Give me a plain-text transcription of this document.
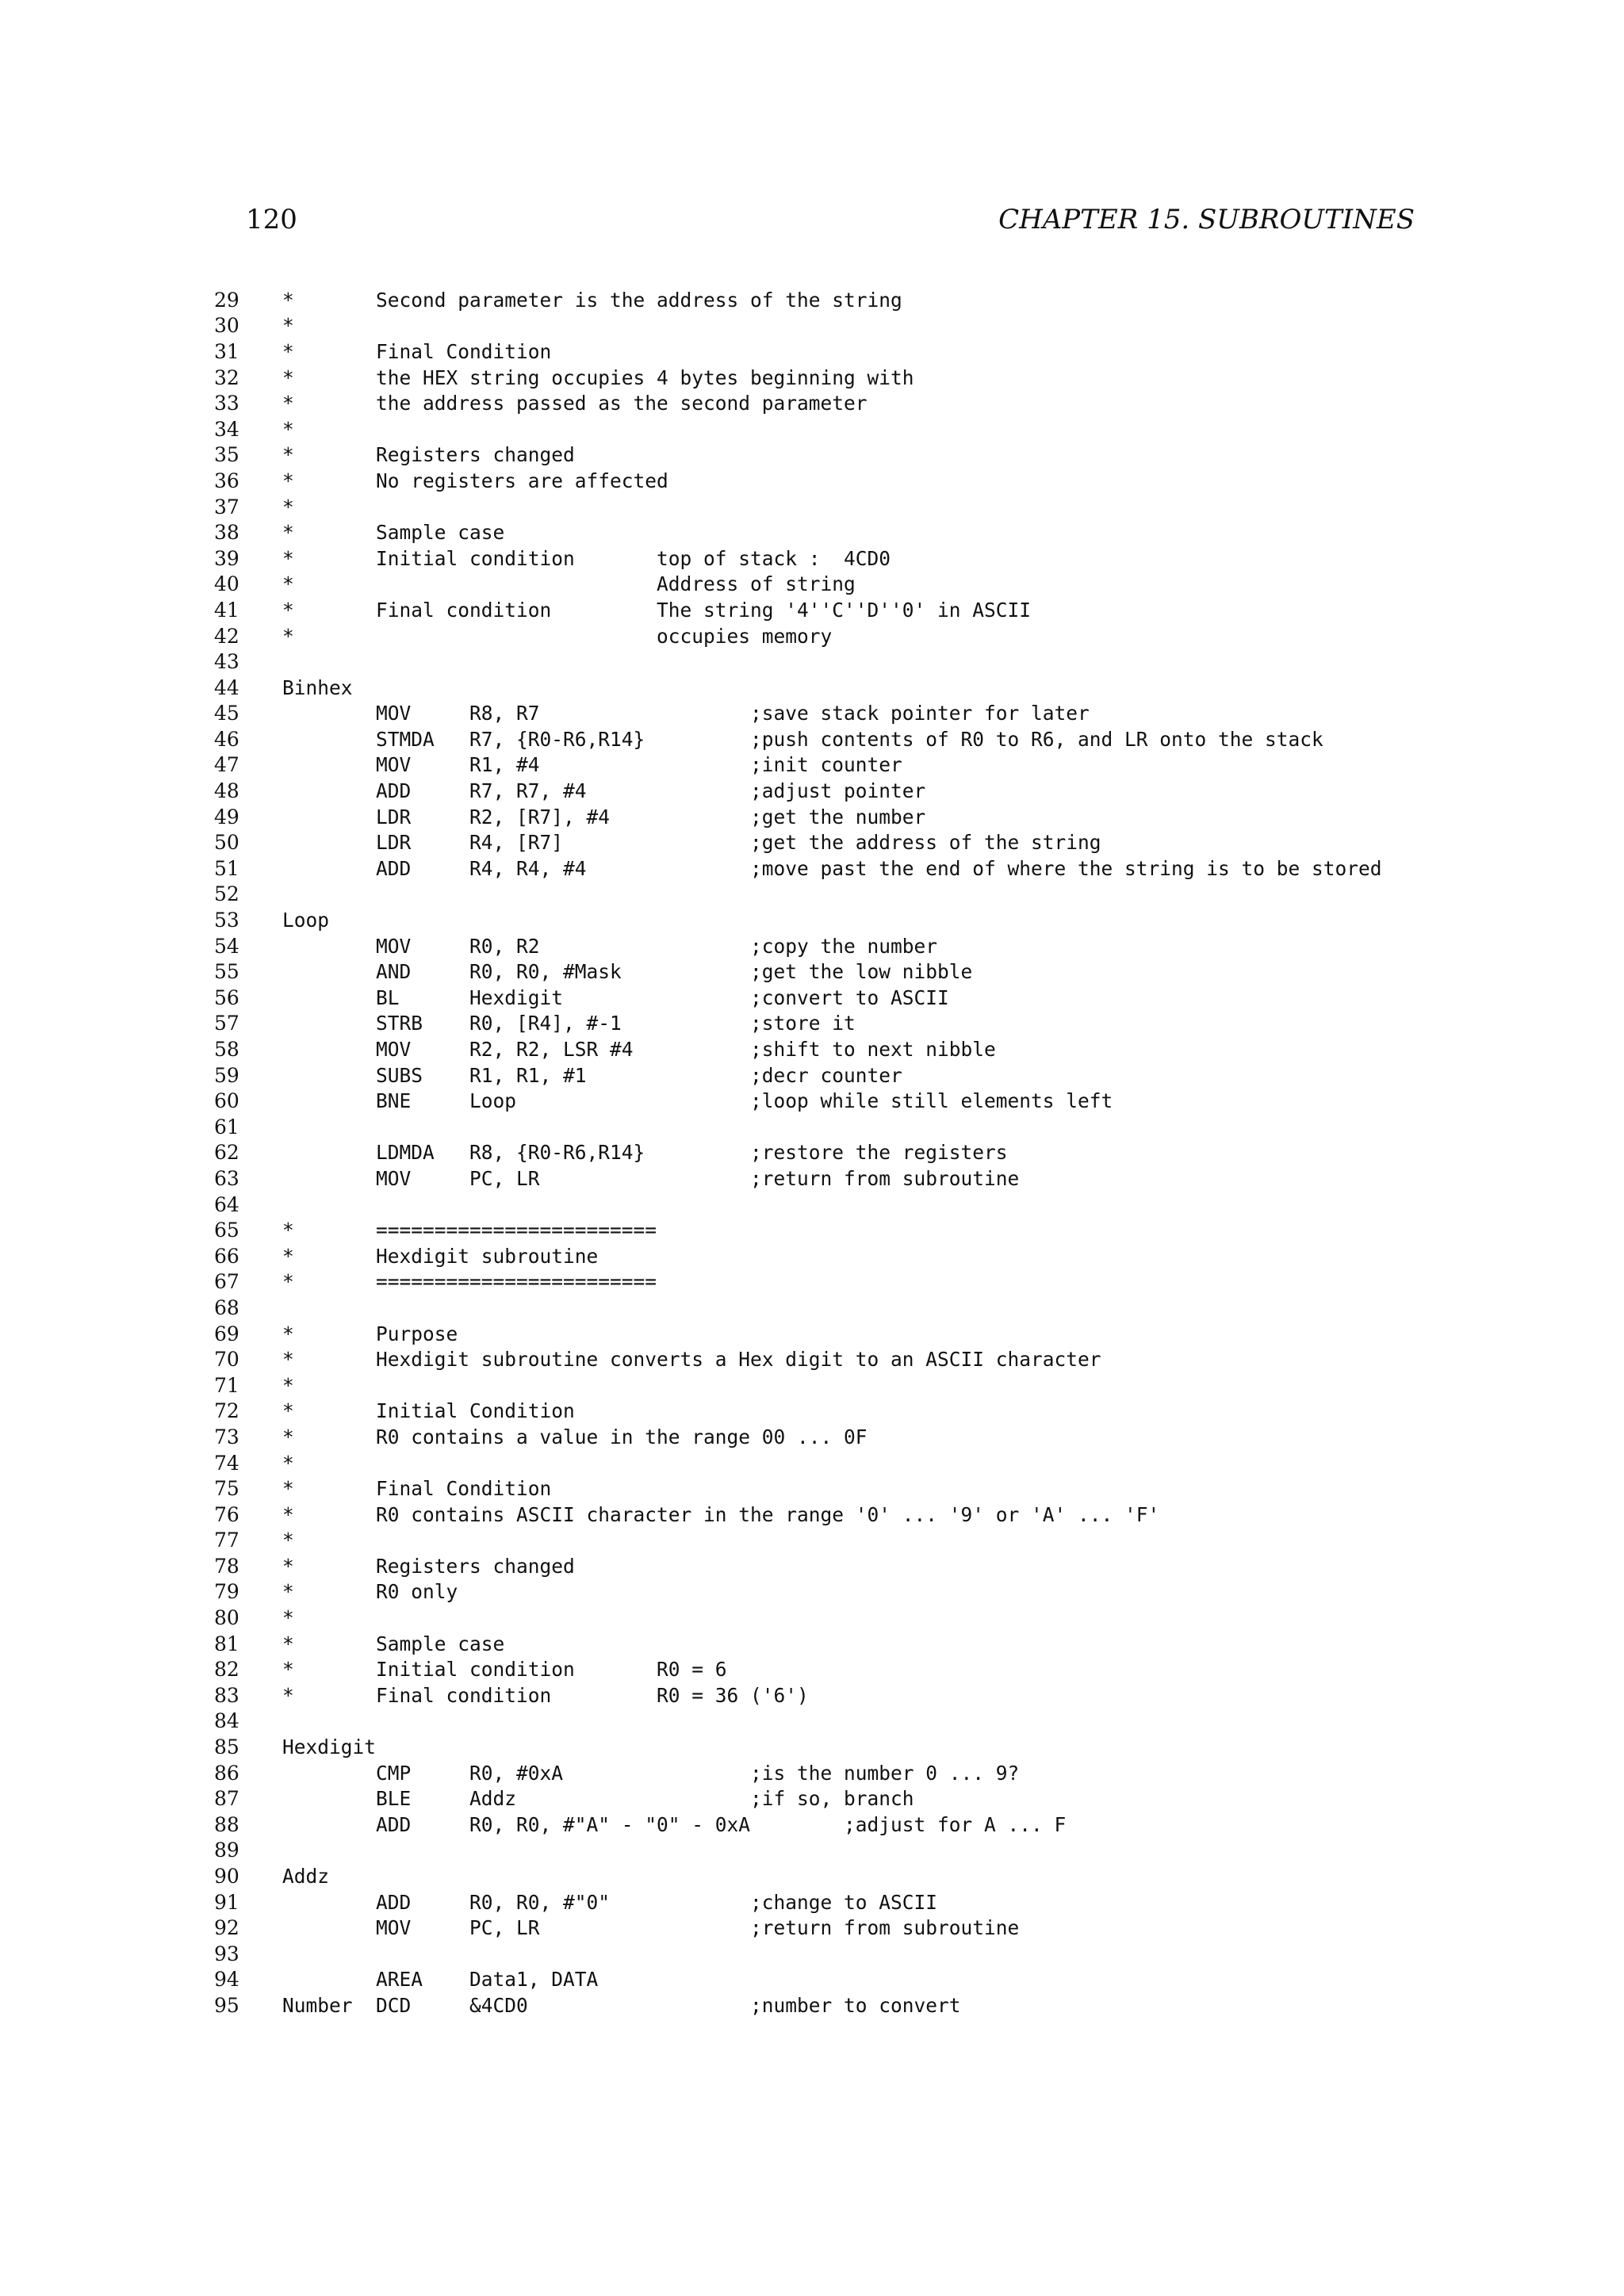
120	CHAPTER 15. SUBROUTINES

29	*       Second parameter is the address of the string
30	*
31	*       Final Condition
32	*       the HEX string occupies 4 bytes beginning with
33	*       the address passed as the second parameter
34	*
35	*       Registers changed
36	*       No registers are affected
37	*
38	*       Sample case
39	*       Initial condition       top of stack :  4CD0
40	*                               Address of string
41	*       Final condition         The string '4''C''D''0' in ASCII
42	*                               occupies memory
43
44	Binhex
45	MOV     R8, R7                  ;save stack pointer for later
46	STMDA   R7, {R0-R6,R14}         ;push contents of R0 to R6, and LR onto the stack
47	MOV     R1, #4                  ;init counter
48	ADD     R7, R7, #4              ;adjust pointer
49	LDR     R2, [R7], #4            ;get the number
50	LDR     R4, [R7]                ;get the address of the string
51	ADD     R4, R4, #4              ;move past the end of where the string is to be stored
52
53	Loop
54	MOV     R0, R2                  ;copy the number
55	AND     R0, R0, #Mask           ;get the low nibble
56	BL      Hexdigit                ;convert to ASCII
57	STRB    R0, [R4], #-1           ;store it
58	MOV     R2, R2, LSR #4          ;shift to next nibble
59	SUBS    R1, R1, #1              ;decr counter
60	BNE     Loop                    ;loop while still elements left
61
62	LDMDA   R8, {R0-R6,R14}         ;restore the registers
63	MOV     PC, LR                  ;return from subroutine
64
65	*       ========================
66	*       Hexdigit subroutine
67	*       ========================
68
69	*       Purpose
70	*       Hexdigit subroutine converts a Hex digit to an ASCII character
71	*
72	*       Initial Condition
73	*       R0 contains a value in the range 00 ... 0F
74	*
75	*       Final Condition
76	*       R0 contains ASCII character in the range '0' ... '9' or 'A' ... 'F'
77	*
78	*       Registers changed
79	*       R0 only
80	*
81	*       Sample case
82	*       Initial condition       R0 = 6
83	*       Final condition         R0 = 36 ('6')
84
85	Hexdigit
86	CMP     R0, #0xA                ;is the number 0 ... 9?
87	BLE     Addz                    ;if so, branch
88	ADD     R0, R0, #"A" - "0" - 0xA        ;adjust for A ... F
89
90	Addz
91	ADD     R0, R0, #"0"            ;change to ASCII
92	MOV     PC, LR                  ;return from subroutine
93
94	AREA    Data1, DATA
95	Number  DCD     &4CD0                   ;number to convert
